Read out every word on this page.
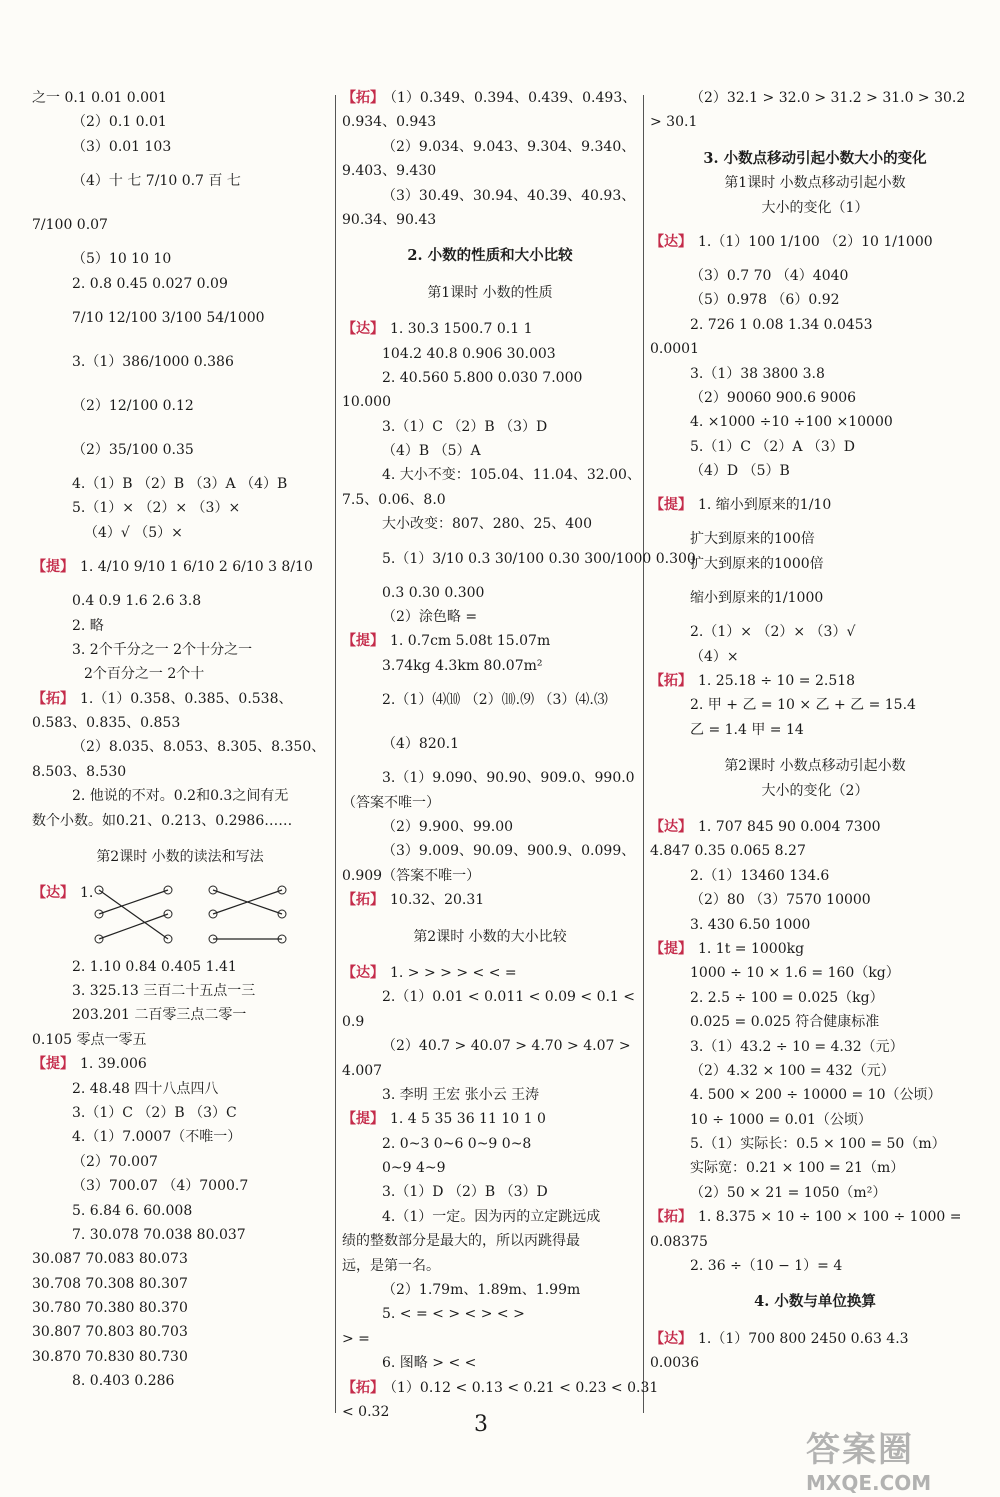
之一 0.1 0.01 0.001
（2）0.1 0.01
（3）0.01 103
（4）十 七 7/10 0.7 百 七
7/100 0.07
（5）10 10 10
2. 0.8 0.45 0.027 0.09
7/10 12/100 3/100 54/1000
3.（1）386/1000 0.386
（2）12/100 0.12
（2）35/100 0.35
4.（1）B （2）B （3）A （4）B
5.（1）× （2）× （3）×
（4）√ （5）×
【提】 1. 4/10 9/10 1 6/10 2 6/10 3 8/10
0.4 0.9 1.6 2.6 3.8
2. 略
3. 2个千分之一 2个十分之一
2个百分之一 2个十
【拓】 1.（1）0.358、0.385、0.538、
0.583、0.835、0.853
（2）8.035、8.053、8.305、8.350、
8.503、8.530
2. 他说的不对。0.2和0.3之间有无
数个小数。如0.21、0.213、0.2986……
第2课时 小数的读法和写法
【达】 1.
2. 1.10 0.84 0.405 1.41
3. 325.13 三百二十五点一三
203.201 二百零三点二零一
0.105 零点一零五
【提】 1. 39.006
2. 48.48 四十八点四八
3.（1）C （2）B （3）C
4.（1）7.0007（不唯一）
（2）70.007
（3）700.07 （4）7000.7
5. 6.84 6. 60.008
7. 30.078 70.038 80.037
30.087 70.083 80.073
30.708 70.308 80.307
30.780 70.380 80.370
30.807 70.803 80.703
30.870 70.830 80.730
8. 0.403 0.286
【拓】 （1）0.349、0.394、0.439、0.493、
0.934、0.943
（2）9.034、9.043、9.304、9.340、
9.403、9.430
（3）30.49、30.94、40.39、40.93、
90.34、90.43
2. 小数的性质和大小比较
第1课时 小数的性质
【达】 1. 30.3 1500.7 0.1 1
104.2 40.8 0.906 30.003
2. 40.560 5.800 0.030 7.000
10.000
3.（1）C （2）B （3）D
（4）B （5）A
4. 大小不变：105.04、11.04、32.00、
7.5、0.06、8.0
大小改变：807、280、25、400
5.（1）3/10 0.3 30/100 0.30 300/1000 0.300
0.3 0.30 0.300
（2）涂色略 =
【提】 1. 0.7cm 5.08t 15.07m
3.74kg 4.3km 80.07m²
2.（1）⑷⑽ （2）⑽.⑼ （3）⑷.⑶
（4）820.1
3.（1）9.090、90.90、909.0、990.0
（答案不唯一）
（2）9.900、99.00
（3）9.009、90.09、900.9、0.099、
0.909（答案不唯一）
【拓】 10.32、20.31
第2课时 小数的大小比较
【达】 1. > > > > < < =
2.（1）0.01 < 0.011 < 0.09 < 0.1 <
0.9
（2）40.7 > 40.07 > 4.70 > 4.07 >
4.007
3. 李明 王宏 张小云 王涛
【提】 1. 4 5 35 36 11 10 1 0
2. 0~3 0~6 0~9 0~8
0~9 4~9
3.（1）D （2）B （3）D
4.（1）一定。因为丙的立定跳远成
绩的整数部分是最大的，所以丙跳得最
远，是第一名。
（2）1.79m、1.89m、1.99m
5. < = < > < > < >
> =
6. 图略 > < <
【拓】 （1）0.12 < 0.13 < 0.21 < 0.23 < 0.31
< 0.32
（2）32.1 > 32.0 > 31.2 > 31.0 > 30.2
> 30.1
3. 小数点移动引起小数大小的变化
第1课时 小数点移动引起小数
大小的变化（1）
【达】 1.（1）100 1/100 （2）10 1/1000
（3）0.7 70 （4）4040
（5）0.978 （6）0.92
2. 726 1 0.08 1.34 0.0453
0.0001
3.（1）38 3800 3.8
（2）90060 900.6 9006
4. ×1000 ÷10 ÷100 ×10000
5.（1）C （2）A （3）D
（4）D （5）B
【提】 1. 缩小到原来的1/10
扩大到原来的100倍
扩大到原来的1000倍
缩小到原来的1/1000
2.（1）× （2）× （3）√
（4）×
【拓】 1. 25.18 ÷ 10 = 2.518
2. 甲 + 乙 = 10 × 乙 + 乙 = 15.4
乙 = 1.4 甲 = 14
第2课时 小数点移动引起小数
大小的变化（2）
【达】 1. 707 845 90 0.004 7300
4.847 0.35 0.065 8.27
2.（1）13460 134.6
（2）80 （3）7570 10000
3. 430 6.50 1000
【提】 1. 1t = 1000kg
1000 ÷ 10 × 1.6 = 160（kg）
2. 2.5 ÷ 100 = 0.025（kg）
0.025 = 0.025 符合健康标准
3.（1）43.2 ÷ 10 = 4.32（元）
（2）4.32 × 100 = 432（元）
4. 500 × 200 ÷ 10000 = 10（公顷）
10 ÷ 1000 = 0.01（公顷）
5.（1）实际长：0.5 × 100 = 50（m）
实际宽：0.21 × 100 = 21（m）
（2）50 × 21 = 1050（m²）
【拓】 1. 8.375 × 10 ÷ 100 × 100 ÷ 1000 =
0.08375
2. 36 ÷（10 − 1）= 4
4. 小数与单位换算
【达】 1.（1）700 800 2450 0.63 4.3
0.0036
3
答案圈
MXQE.COM
